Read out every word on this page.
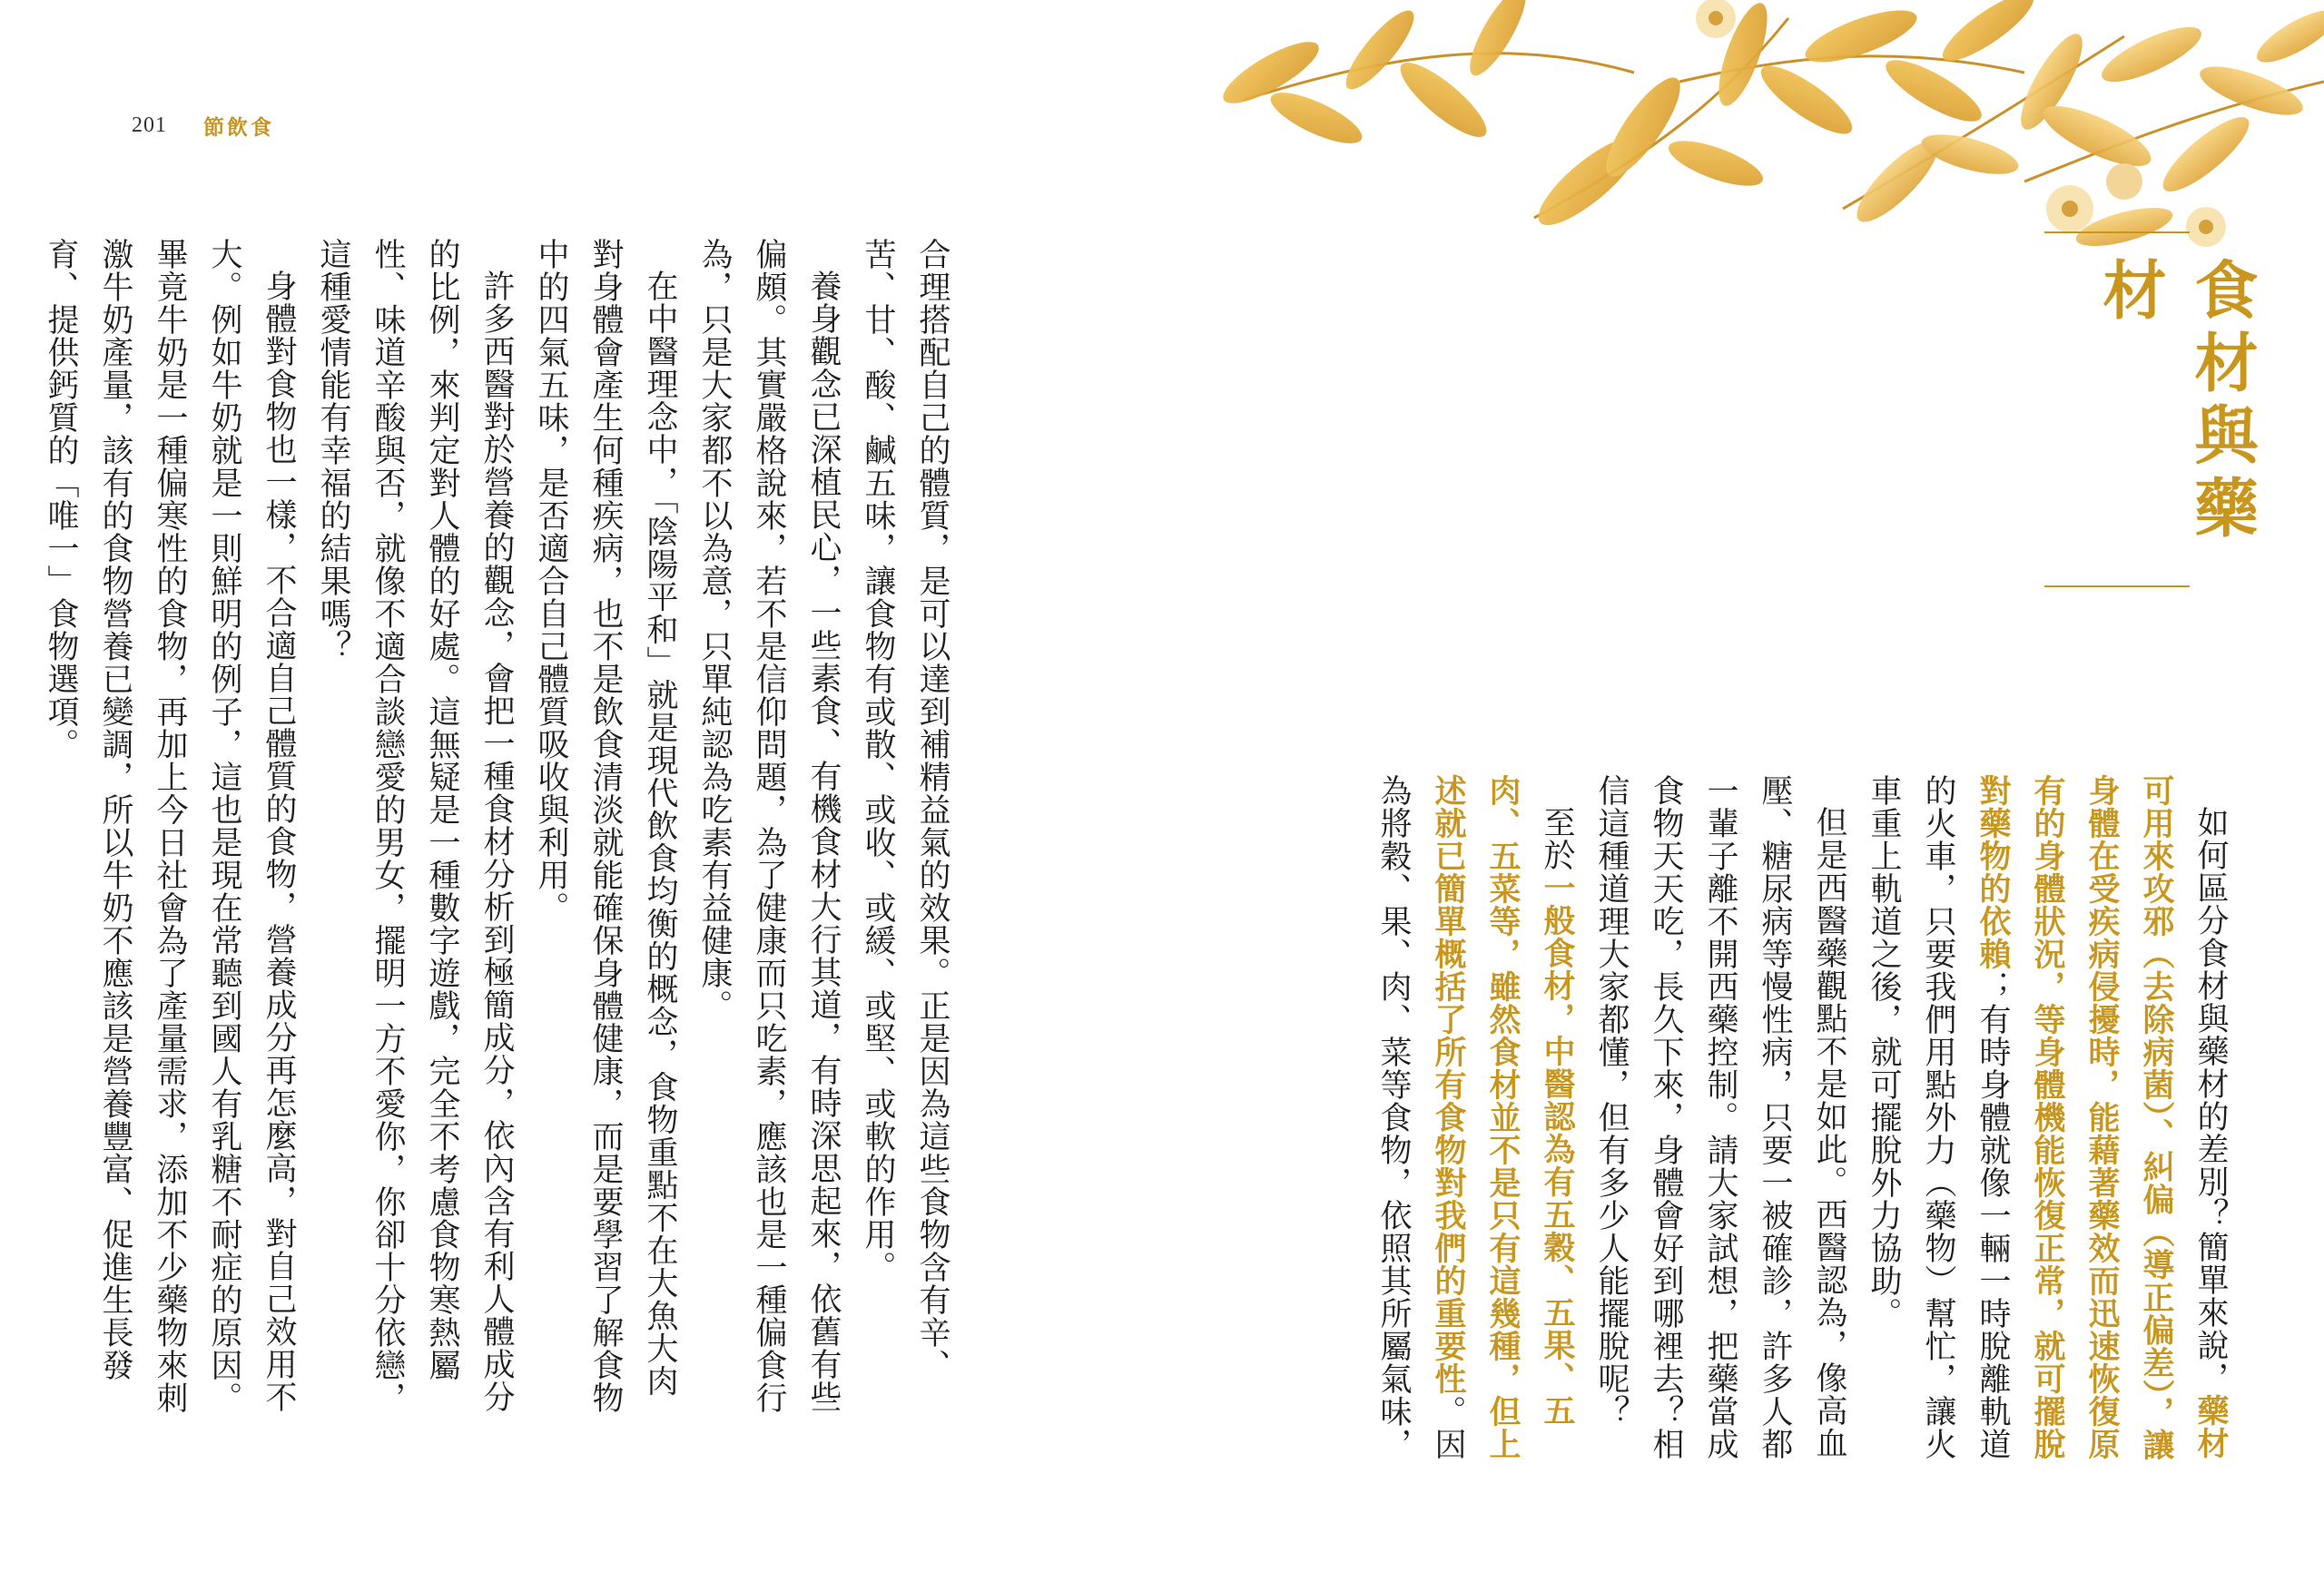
201 節飲食

合理搭配自己的體質，是可以達到補精益氣的效果。正是因為這些食物含有辛、苦、甘、酸、鹹五味，讓食物有或散、或收、或緩、或堅、或軟的作用。

養身觀念已深植民心，一些素食、有機食材大行其道，有時深思起來，依舊有些偏頗。其實嚴格說來，若不是信仰問題，為了健康而只吃素，應該也是一種偏食行為，只是大家都不以為意，只單純認為吃素有益健康。

在中醫理念中，「陰陽平和」就是現代飲食均衡的概念，食物重點不在大魚大肉對身體會產生何種疾病，也不是飲食清淡就能確保身體健康，而是要學習了解食物中的四氣五味，是否適合自己體質吸收與利用。

許多西醫對於營養的觀念，會把一種食材分析到極簡成分，依內含有利人體成分的比例，來判定對人體的好處。這無疑是一種數字遊戲，完全不考慮食物寒熱屬性、味道辛酸與否，就像不適合談戀愛的男女，擺明一方不愛你，你卻十分依戀，這種愛情能有幸福的結果嗎？

身體對食物也一樣，不合適自己體質的食物，營養成分再怎麼高，對自己效用不大。例如牛奶就是一則鮮明的例子，這也是現在常聽到國人有乳糖不耐症的原因。畢竟牛奶是一種偏寒性的食物，再加上今日社會為了產量需求，添加不少藥物來刺激牛奶產量，該有的食物營養已變調，所以牛奶不應該是營養豐富、促進生長發育、提供鈣質的「唯一」食物選項。	食材與藥材

如何區分食材與藥材的差別？簡單來說，藥材可用來攻邪（去除病菌）、糾偏（導正偏差），讓身體在受疾病侵擾時，能藉著藥效而迅速恢復原有的身體狀況，等身體機能恢復正常，就可擺脫對藥物的依賴；有時身體就像一輛一時脫離軌道的火車，只要我們用點外力（藥物）幫忙，讓火車重上軌道之後，就可擺脫外力協助。

但是西醫藥觀點不是如此。西醫認為，像高血壓、糖尿病等慢性病，只要一被確診，許多人都一輩子離不開西藥控制。請大家試想，把藥當成食物天天吃，長久下來，身體會好到哪裡去？相信這種道理大家都懂，但有多少人能擺脫呢？

至於一般食材，中醫認為有五穀、五果、五肉、五菜等，雖然食材並不是只有這幾種，但上述就已簡單概括了所有食物對我們的重要性。因為將穀、果、肉、菜等食物，依照其所屬氣味，
